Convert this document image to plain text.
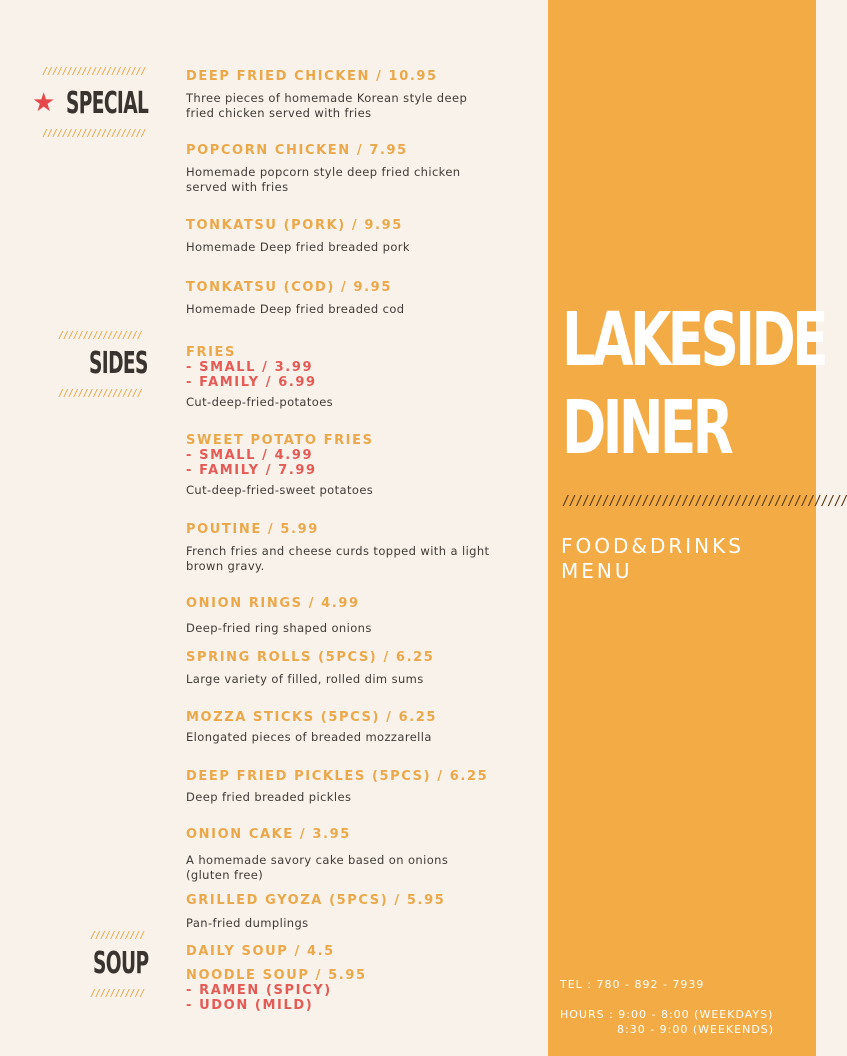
LAKESIDE
DINER
///////////////////////////////////////////
FOOD&DRINKS
MENU
TEL : 780 - 892 - 7939
HOURS : 9:00 - 8:00 (WEEKDAYS)
8:30 - 9:00 (WEEKENDS)
/////////////////////
★ SPECIAL
/////////////////////
/////////////////
SIDES
/////////////////
///////////
SOUP
///////////
DEEP FRIED CHICKEN / 10.95
Three pieces of homemade Korean style deep fried chicken served with fries
POPCORN CHICKEN / 7.95
Homemade popcorn style deep fried chicken served with fries
TONKATSU (PORK) / 9.95
Homemade Deep fried breaded pork
TONKATSU (COD) / 9.95
Homemade Deep fried breaded cod
FRIES
- SMALL / 3.99
- FAMILY / 6.99
Cut-deep-fried-potatoes
SWEET POTATO FRIES
- SMALL / 4.99
- FAMILY / 7.99
Cut-deep-fried-sweet potatoes
POUTINE / 5.99
French fries and cheese curds topped with a light brown gravy.
ONION RINGS / 4.99
Deep-fried ring shaped onions
SPRING ROLLS (5PCS) / 6.25
Large variety of filled, rolled dim sums
MOZZA STICKS (5PCS) / 6.25
Elongated pieces of breaded mozzarella
DEEP FRIED PICKLES (5PCS) / 6.25
Deep fried breaded pickles
ONION CAKE / 3.95
A homemade savory cake based on onions (gluten free)
GRILLED GYOZA (5PCS) / 5.95
Pan-fried dumplings
DAILY SOUP / 4.5
NOODLE SOUP / 5.95
- RAMEN (SPICY)
- UDON (MILD)
